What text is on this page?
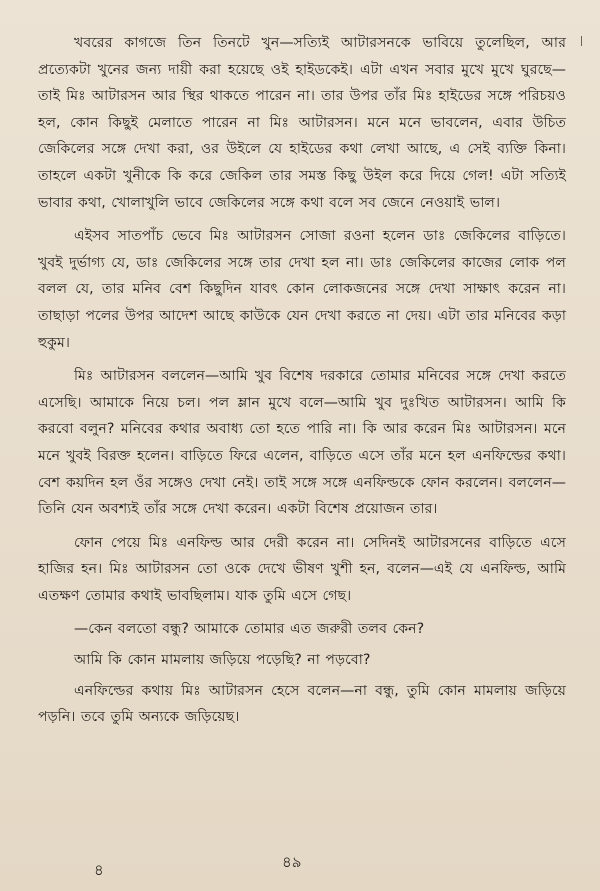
খবরের কাগজে তিন তিনটে খুন—সত্যিই আটারসনকে ভাবিয়ে তুলেছিল, আর প্রত্যেকটা খুনের জন্য দায়ী করা হয়েছে ওই হাইডকেই। এটা এখন সবার মুখে মুখে ঘুরছে—তাই মিঃ আটারসন আর স্থির থাকতে পারেন না। তার উপর তাঁর মিঃ হাইডের সঙ্গে পরিচয়ও হল, কোন কিছুই মেলাতে পারেন না মিঃ আটারসন। মনে মনে ভাবলেন, এবার উচিত জেকিলের সঙ্গে দেখা করা, ওর উইলে যে হাইডের কথা লেখা আছে, এ সেই ব্যক্তি কিনা। তাহলে একটা খুনীকে কি করে জেকিল তার সমস্ত কিছু উইল করে দিয়ে গেল! এটা সত্যিই ভাবার কথা, খোলাখুলি ভাবে জেকিলের সঙ্গে কথা বলে সব জেনে নেওয়াই ভাল।

এইসব সাতপাঁচ ভেবে মিঃ আটারসন সোজা রওনা হলেন ডাঃ জেকিলের বাড়িতে। খুবই দুর্ভাগ্য যে, ডাঃ জেকিলের সঙ্গে তার দেখা হল না। ডাঃ জেকিলের কাজের লোক পল বলল যে, তার মনিব বেশ কিছুদিন যাবৎ কোন লোকজনের সঙ্গে দেখা সাক্ষাৎ করেন না। তাছাড়া পলের উপর আদেশ আছে কাউকে যেন দেখা করতে না দেয়। এটা তার মনিবের কড়া হুকুম।

মিঃ আটারসন বললেন—আমি খুব বিশেষ দরকারে তোমার মনিবের সঙ্গে দেখা করতে এসেছি। আমাকে নিয়ে চল। পল ম্লান মুখে বলে—আমি খুব দুঃখিত আটারসন। আমি কি করবো বলুন? মনিবের কথার অবাধ্য তো হতে পারি না। কি আর করেন মিঃ আটারসন। মনে মনে খুবই বিরক্ত হলেন। বাড়িতে ফিরে এলেন, বাড়িতে এসে তাঁর মনে হল এনফিল্ডের কথা। বেশ কয়দিন হল ওঁর সঙ্গেও দেখা নেই। তাই সঙ্গে সঙ্গে এনফিল্ডকে ফোন করলেন। বললেন—তিনি যেন অবশ্যই তাঁর সঙ্গে দেখা করেন। একটা বিশেষ প্রয়োজন তার।

ফোন পেয়ে মিঃ এনফিল্ড আর দেরী করেন না। সেদিনই আটারসনের বাড়িতে এসে হাজির হন। মিঃ আটারসন তো ওকে দেখে ভীষণ খুশী হন, বলেন—এই যে এনফিল্ড, আমি এতক্ষণ তোমার কথাই ভাবছিলাম। যাক তুমি এসে গেছ।

—কেন বলতো বন্ধু? আমাকে তোমার এত জরুরী তলব কেন?

আমি কি কোন মামলায় জড়িয়ে পড়েছি? না পড়বো?

এনফিল্ডের কথায় মিঃ আটারসন হেসে বলেন—না বন্ধু, তুমি কোন মামলায় জড়িয়ে পড়নি। তবে তুমি অন্যকে জড়িয়েছ।

৪	৪৯
